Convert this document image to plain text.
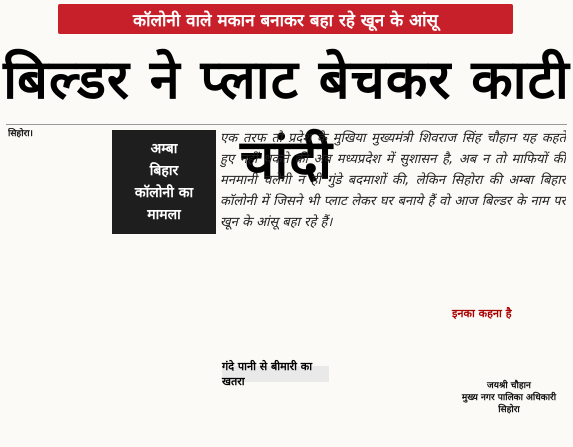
कॉलोनी वाले मकान बनाकर बहा रहे खून के आंसू
बिल्डर ने प्लाट बेचकर काटी चांदी
सिहोरा।
अम्बा
बिहार
कॉलोनी का
मामला
एक तरफ तो प्रदेश के मुखिया मुख्यमंत्री शिवराज सिंह चौहान यह कहते हुए नहीं थकते की अब मध्यप्रदेश में सुशासन है, अब न तो माफियों की मनमानी चलेगी न ही गुंडे बदमाशों की, लेकिन सिहोरा की अम्बा बिहार कॉलोनी में जिसने भी प्लाट लेकर घर बनाये हैं वो आज बिल्डर के नाम पर खून के आंसू बहा रहे हैं।
गंदे पानी से बीमारी का खतरा
इनका कहना है
जयश्री चौहान
मुख्य नगर पालिका अधिकारी सिहोरा
